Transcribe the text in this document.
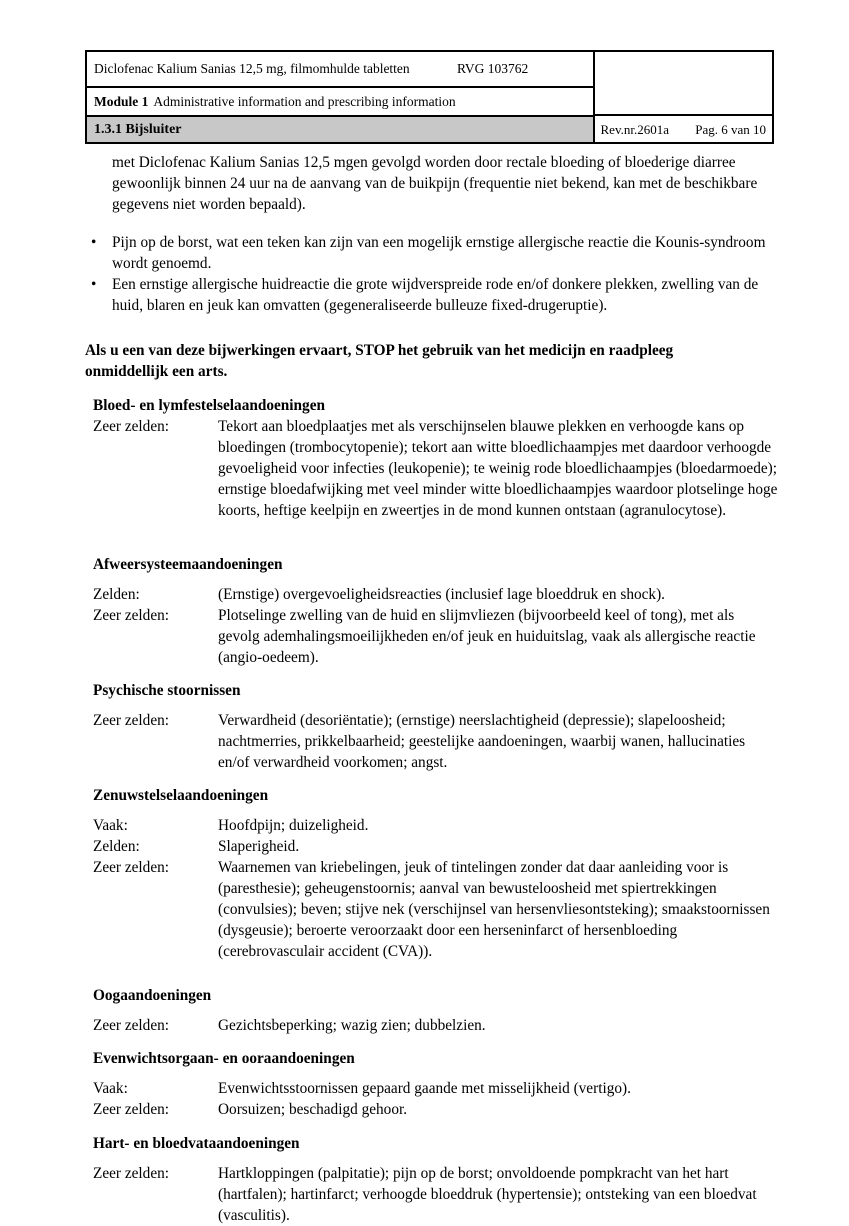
Diclofenac Kalium Sanias 12,5 mg, filmomhulde tabletten	RVG 103762
Module 1 Administrative information and prescribing information
1.3.1 Bijsluiter	Rev.nr.2601a Pag. 6 van 10

met Diclofenac Kalium Sanias 12,5 mgen gevolgd worden door rectale bloeding of bloederige diarree gewoonlijk binnen 24 uur na de aanvang van de buikpijn (frequentie niet bekend, kan met de beschikbare gegevens niet worden bepaald).

• Pijn op de borst, wat een teken kan zijn van een mogelijk ernstige allergische reactie die Kounis-syndroom wordt genoemd.
• Een ernstige allergische huidreactie die grote wijdverspreide rode en/of donkere plekken, zwelling van de huid, blaren en jeuk kan omvatten (gegeneraliseerde bulleuze fixed-drugeruptie).

Als u een van deze bijwerkingen ervaart, STOP het gebruik van het medicijn en raadpleeg onmiddellijk een arts.

Bloed- en lymfestelselaandoeningen
Zeer zelden:	Tekort aan bloedplaatjes met als verschijnselen blauwe plekken en verhoogde kans op bloedingen (trombocytopenie); tekort aan witte bloedlichaampjes met daardoor verhoogde gevoeligheid voor infecties (leukopenie); te weinig rode bloedlichaampjes (bloedarmoede); ernstige bloedafwijking met veel minder witte bloedlichaampjes waardoor plotselinge hoge koorts, heftige keelpijn en zweertjes in de mond kunnen ontstaan (agranulocytose).
Afweersysteemaandoeningen
Zelden:	(Ernstige) overgevoeligheidsreacties (inclusief lage bloeddruk en shock).
Zeer zelden:	Plotselinge zwelling van de huid en slijmvliezen (bijvoorbeeld keel of tong), met als gevolg ademhalingsmoeilijkheden en/of jeuk en huiduitslag, vaak als allergische reactie (angio-oedeem).
Psychische stoornissen
Zeer zelden:	Verwardheid (desoriëntatie); (ernstige) neerslachtigheid (depressie); slapeloosheid; nachtmerries, prikkelbaarheid; geestelijke aandoeningen, waarbij wanen, hallucinaties en/of verwardheid voorkomen; angst.
Zenuwstelselaandoeningen
Vaak:	Hoofdpijn; duizeligheid.
Zelden:	Slaperigheid.
Zeer zelden:	Waarnemen van kriebelingen, jeuk of tintelingen zonder dat daar aanleiding voor is (paresthesie); geheugenstoornis; aanval van bewusteloosheid met spiertrekkingen (convulsies); beven; stijve nek (verschijnsel van hersenvliesontsteking); smaakstoornissen (dysgeusie); beroerte veroorzaakt door een herseninfarct of hersenbloeding (cerebrovasculair accident (CVA)).
Oogaandoeningen
Zeer zelden:	Gezichtsbeperking; wazig zien; dubbelzien.
Evenwichtsorgaan- en ooraandoeningen
Vaak:	Evenwichtsstoornissen gepaard gaande met misselijkheid (vertigo).
Zeer zelden:	Oorsuizen; beschadigd gehoor.
Hart- en bloedvataandoeningen
Zeer zelden:	Hartkloppingen (palpitatie); pijn op de borst; onvoldoende pompkracht van het hart (hartfalen); hartinfarct; verhoogde bloeddruk (hypertensie); ontsteking van een bloedvat (vasculitis).
